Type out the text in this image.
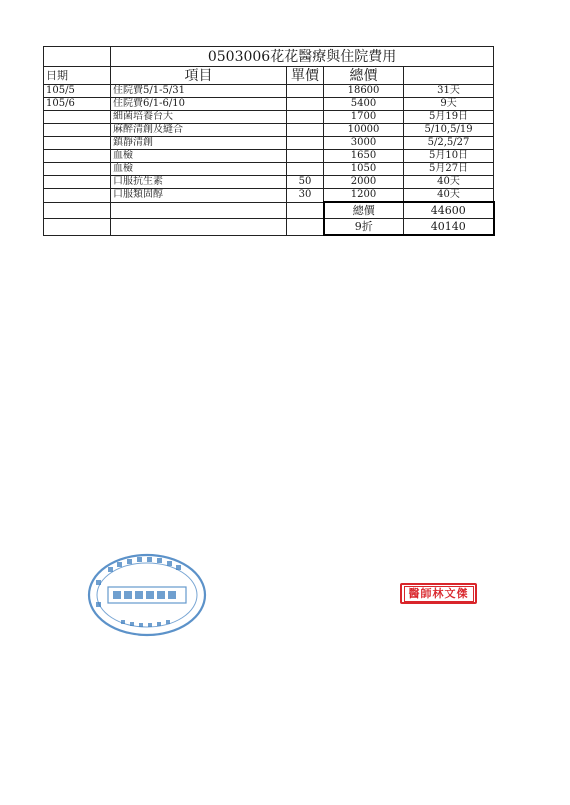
	0503006花花醫療與住院費用			
日期	項目	單價	總價	
105/5	住院費5/1-5/31		18600	31天
105/6	住院費6/1-6/10		5400	9天
	細菌培養台大		1700	5月19日
	麻醉清創及縫合		10000	5/10,5/19
	鎮靜清創		3000	5/2,5/27
	血檢		1650	5月10日
	血檢		1050	5月27日
	口服抗生素	50	2000	40天
	口服類固醇	30	1200	40天
			總價	44600
			9折	40140
醫師林文傑
